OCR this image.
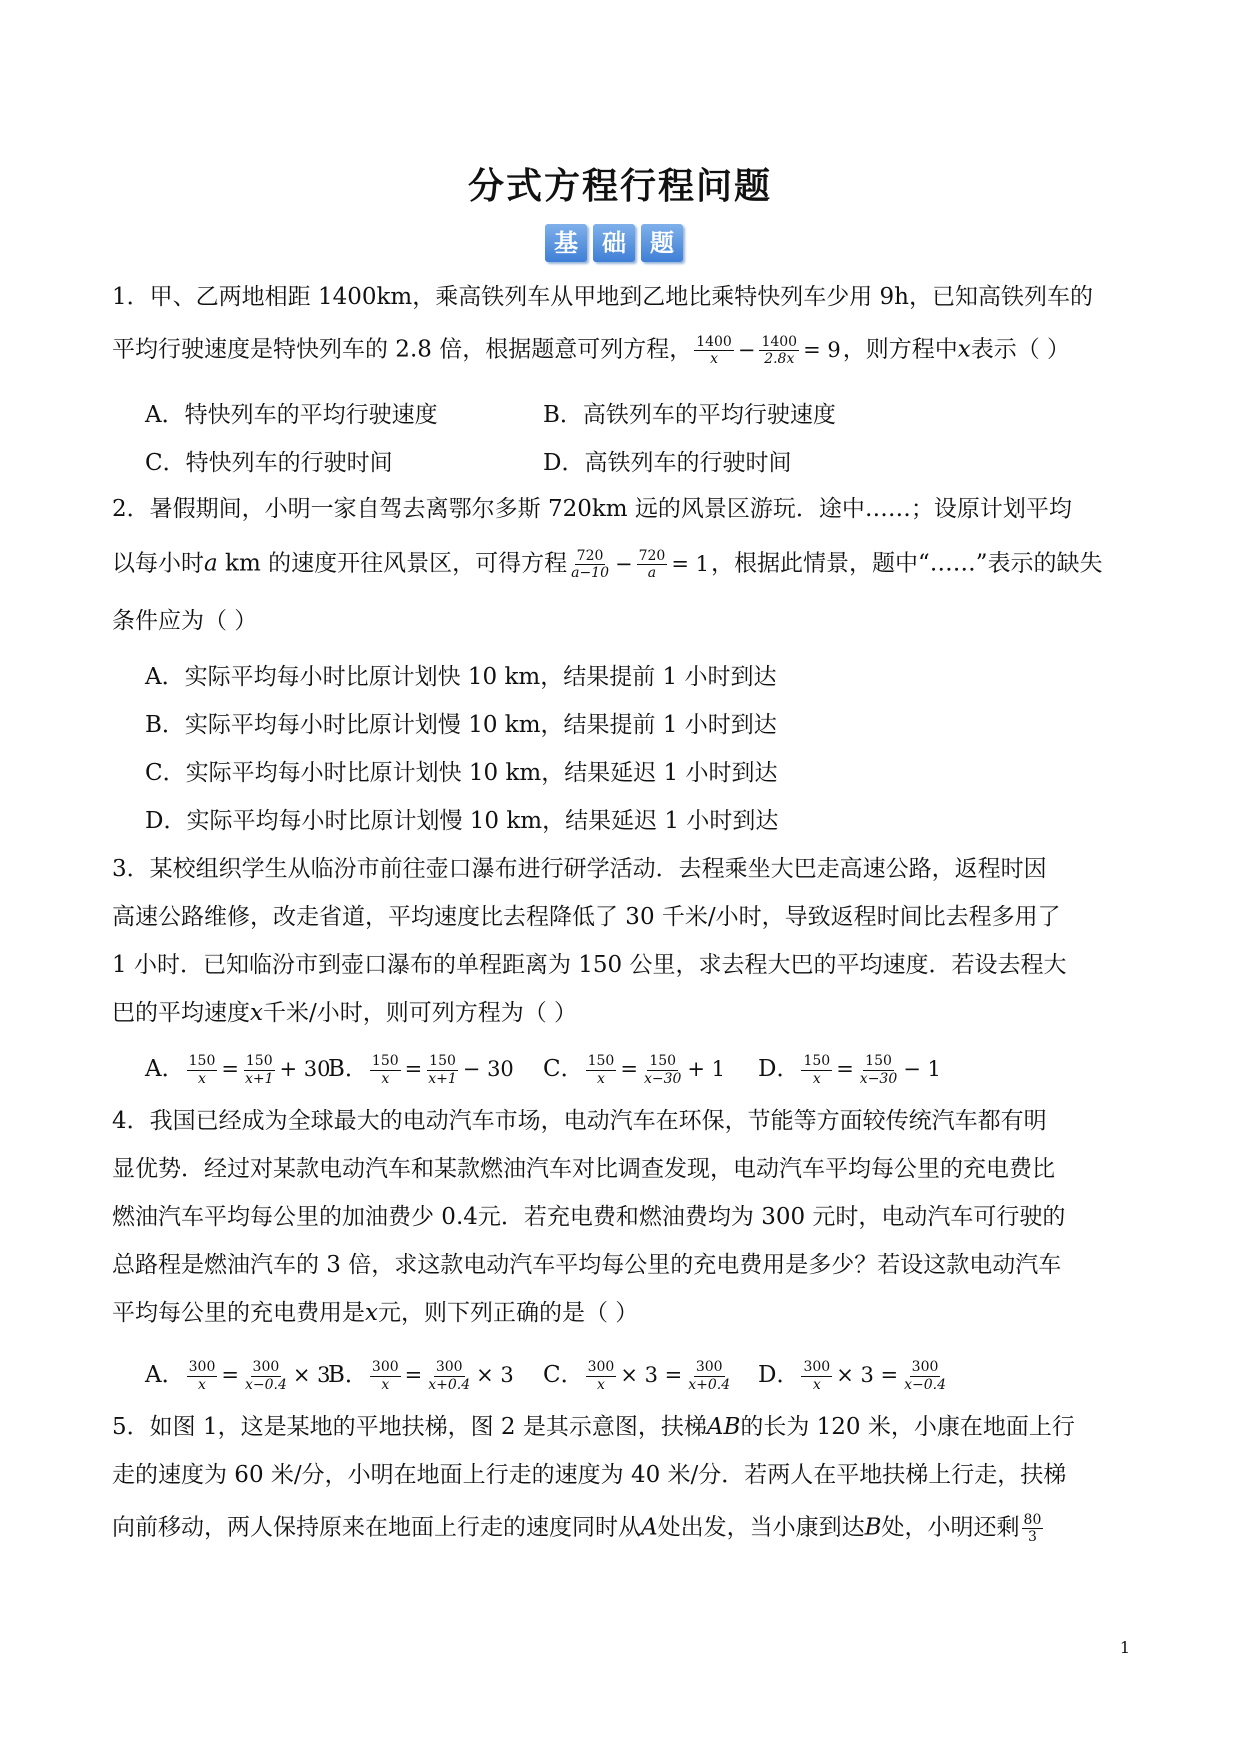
分式方程行程问题
基	础	题
1．甲、乙两地相距 1400km，乘高铁列车从甲地到乙地比乘特快列车少用 9h，已知高铁列车的
平均行驶速度是特快列车的 2.8 倍，根据题意可列方程， $\frac{1400}{x} - \frac{1400}{2.8x} = 9$，则方程中x表示（ ）
A．特快列车的平均行驶速度	B．高铁列车的平均行驶速度
C．特快列车的行驶时间	D．高铁列车的行驶时间
2．暑假期间，小明一家自驾去离鄂尔多斯 720km 远的风景区游玩．途中……；设原计划平均
以每小时a km 的速度开往风景区，可得方程 $\frac{720}{a-10} - \frac{720}{a} = 1$，根据此情景，题中“……”表示的缺失
条件应为（ ）
A．实际平均每小时比原计划快 10 km，结果提前 1 小时到达
B．实际平均每小时比原计划慢 10 km，结果提前 1 小时到达
C．实际平均每小时比原计划快 10 km，结果延迟 1 小时到达
D．实际平均每小时比原计划慢 10 km，结果延迟 1 小时到达
3．某校组织学生从临汾市前往壶口瀑布进行研学活动．去程乘坐大巴走高速公路，返程时因
高速公路维修，改走省道，平均速度比去程降低了 30 千米/小时，导致返程时间比去程多用了
1 小时．已知临汾市到壶口瀑布的单程距离为 150 公里，求去程大巴的平均速度．若设去程大
巴的平均速度x千米/小时，则可列方程为（ ）
A． $\frac{150}{x} = \frac{150}{x+1} + 30$
B． $\frac{150}{x} = \frac{150}{x+1} - 30$ C． $\frac{150}{x} = \frac{150}{x-30} + 1$ D． $\frac{150}{x} = \frac{150}{x-30} - 1$
4．我国已经成为全球最大的电动汽车市场，电动汽车在环保，节能等方面较传统汽车都有明
显优势．经过对某款电动汽车和某款燃油汽车对比调查发现，电动汽车平均每公里的充电费比
燃油汽车平均每公里的加油费少 0.4元．若充电费和燃油费均为 300 元时，电动汽车可行驶的
总路程是燃油汽车的 3 倍，求这款电动汽车平均每公里的充电费用是多少？若设这款电动汽车
平均每公里的充电费用是x元，则下列正确的是（ ）
A． $\frac{300}{x} = \frac{300}{x-0.4} \times 3$
B． $\frac{300}{x} = \frac{300}{x+0.4} \times 3$ C． $\frac{300}{x} \times 3 = \frac{300}{x+0.4}$ D． $\frac{300}{x} \times 3 = \frac{300}{x-0.4}$
5．如图 1，这是某地的平地扶梯，图 2 是其示意图，扶梯AB的长为 120 米，小康在地面上行
走的速度为 60 米/分，小明在地面上行走的速度为 40 米/分．若两人在平地扶梯上行走，扶梯
向前移动，两人保持原来在地面上行走的速度同时从A处出发，当小康到达B处，小明还剩 $\frac{80}{3}$
1
